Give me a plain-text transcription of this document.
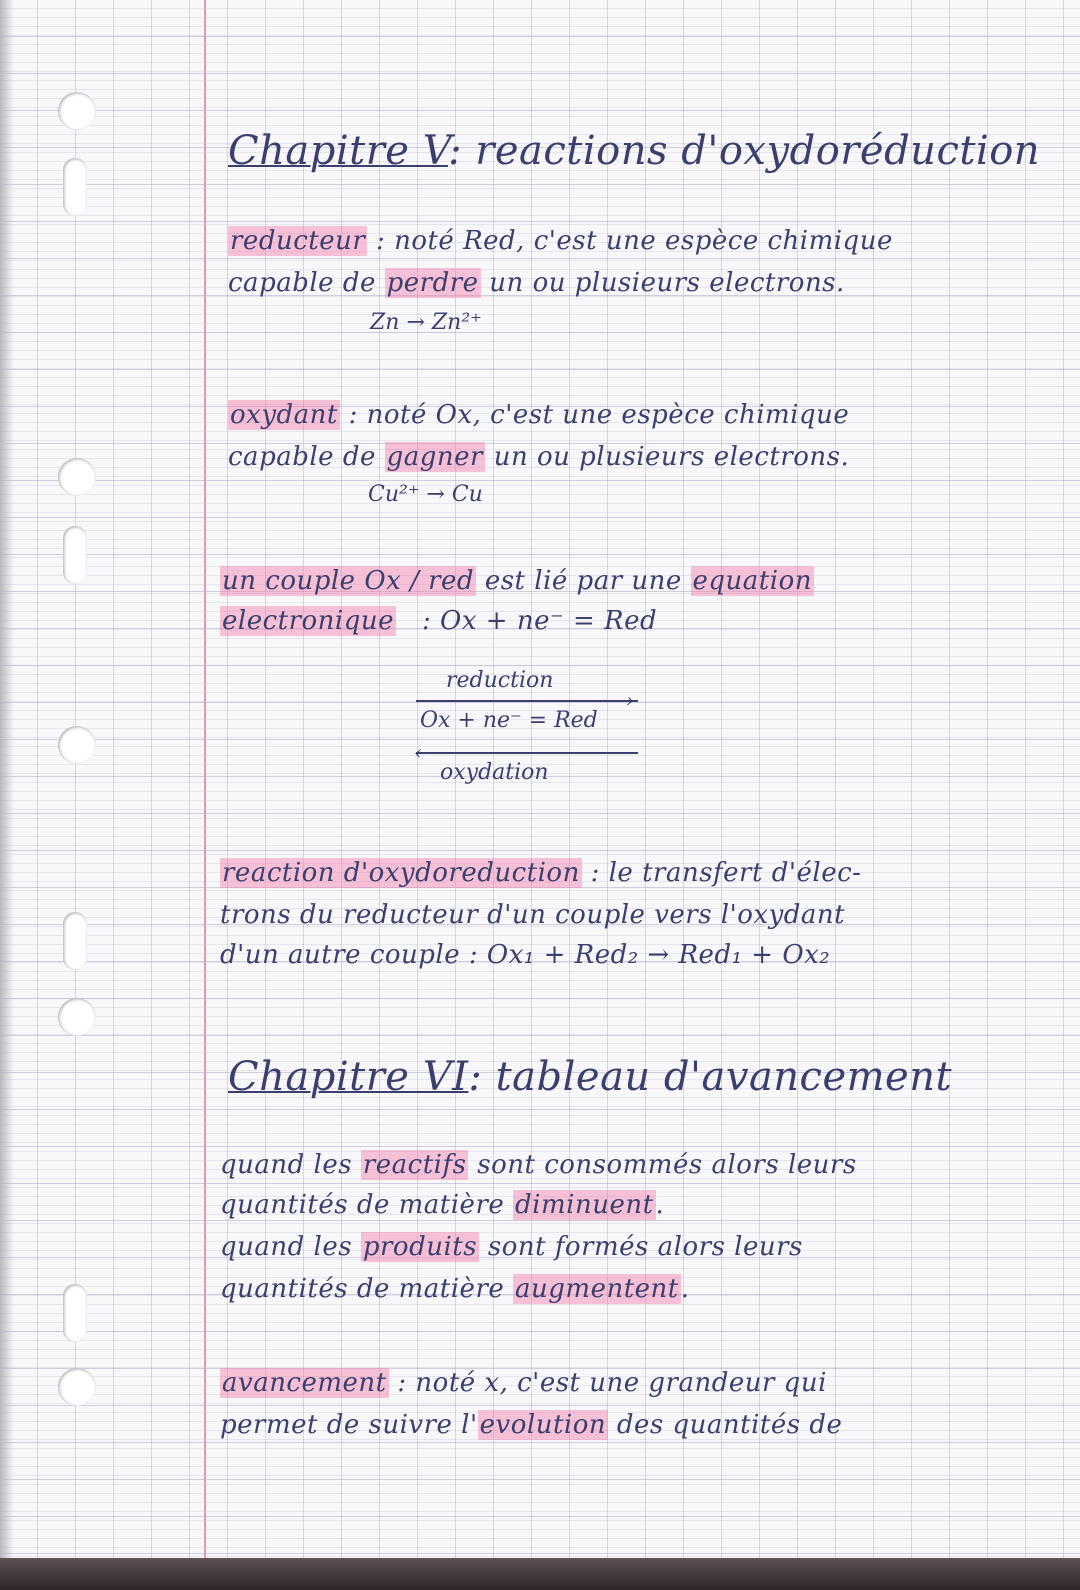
Chapitre V: reactions d'oxydoréduction
reducteur : noté Red, c'est une espèce chimique
capable de perdre un ou plusieurs electrons.
Zn → Zn²⁺
oxydant : noté Ox, c'est une espèce chimique
capable de gagner un ou plusieurs electrons.
Cu²⁺ → Cu
un couple Ox / red est lié par une equation
electronique : Ox + ne⁻ = Red
reduction
›
Ox + ne⁻ = Red
‹
oxydation
reaction d'oxydoreduction : le transfert d'élec-
trons du reducteur d'un couple vers l'oxydant
d'un autre couple : Ox₁ + Red₂ → Red₁ + Ox₂
Chapitre VI: tableau d'avancement
quand les reactifs sont consommés alors leurs
quantités de matière diminuent.
quand les produits sont formés alors leurs
quantités de matière augmentent.
avancement : noté x, c'est une grandeur qui
permet de suivre l'evolution des quantités de
